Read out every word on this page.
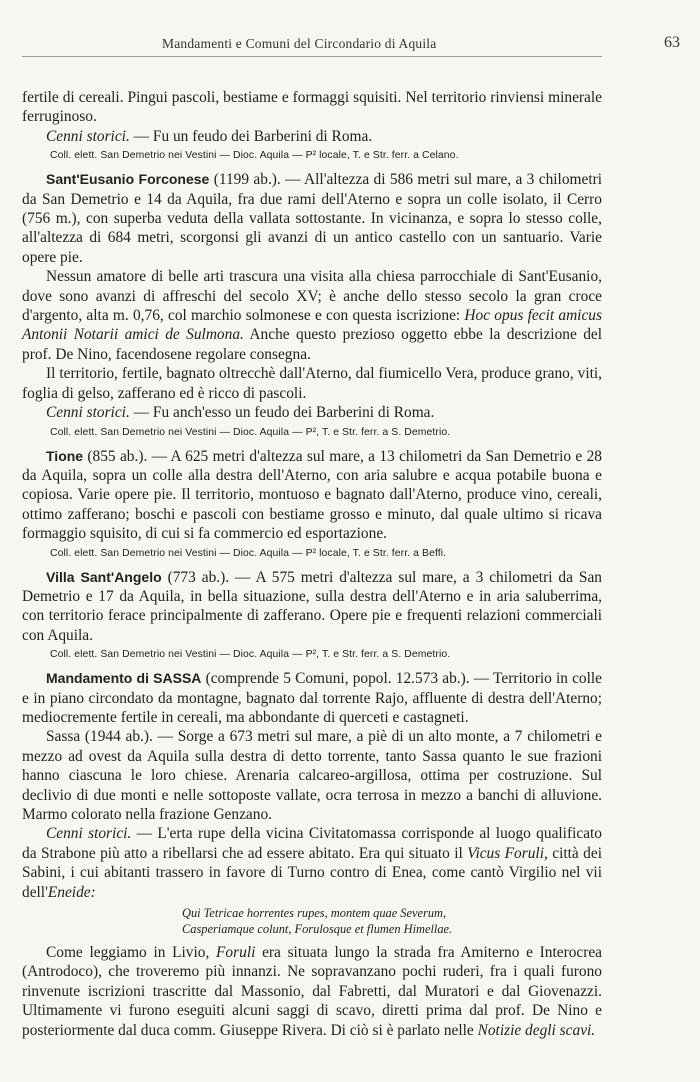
Mandamenti e Comuni del Circondario di Aquila	63

fertile di cereali. Pingui pascoli, bestiame e formaggi squisiti. Nel territorio rinviensi minerale ferruginoso.

Cenni storici. — Fu un feudo dei Barberini di Roma.

Coll. elett. San Demetrio nei Vestini — Dioc. Aquila — P² locale, T. e Str. ferr. a Celano.

Sant'Eusanio Forconese (1199 ab.). — All'altezza di 586 metri sul mare, a 3 chilometri da San Demetrio e 14 da Aquila, fra due rami dell'Aterno e sopra un colle isolato, il Cerro (756 m.), con superba veduta della vallata sottostante. In vicinanza, e sopra lo stesso colle, all'altezza di 684 metri, scorgonsi gli avanzi di un antico castello con un santuario. Varie opere pie.

Nessun amatore di belle arti trascura una visita alla chiesa parrocchiale di Sant'Eusanio, dove sono avanzi di affreschi del secolo XV; è anche dello stesso secolo la gran croce d'argento, alta m. 0,76, col marchio solmonese e con questa iscrizione: Hoc opus fecit amicus Antonii Notarii amici de Sulmona. Anche questo prezioso oggetto ebbe la descrizione del prof. De Nino, facendosene regolare consegna.

Il territorio, fertile, bagnato oltrecchè dall'Aterno, dal fiumicello Vera, produce grano, viti, foglia di gelso, zafferano ed è ricco di pascoli.

Cenni storici. — Fu anch'esso un feudo dei Barberini di Roma.

Coll. elett. San Demetrio nei Vestini — Dioc. Aquila — P², T. e Str. ferr. a S. Demetrio.

Tione (855 ab.). — A 625 metri d'altezza sul mare, a 13 chilometri da San Demetrio e 28 da Aquila, sopra un colle alla destra dell'Aterno, con aria salubre e acqua potabile buona e copiosa. Varie opere pie. Il territorio, montuoso e bagnato dall'Aterno, produce vino, cereali, ottimo zafferano; boschi e pascoli con bestiame grosso e minuto, dal quale ultimo si ricava formaggio squisito, di cui si fa commercio ed esportazione.

Coll. elett. San Demetrio nei Vestini — Dioc. Aquila — P² locale, T. e Str. ferr. a Beffi.

Villa Sant'Angelo (773 ab.). — A 575 metri d'altezza sul mare, a 3 chilometri da San Demetrio e 17 da Aquila, in bella situazione, sulla destra dell'Aterno e in aria saluberrima, con territorio ferace principalmente di zafferano. Opere pie e frequenti relazioni commerciali con Aquila.

Coll. elett. San Demetrio nei Vestini — Dioc. Aquila — P², T. e Str. ferr. a S. Demetrio.

Mandamento di SASSA (comprende 5 Comuni, popol. 12.573 ab.). — Territorio in colle e in piano circondato da montagne, bagnato dal torrente Rajo, affluente di destra dell'Aterno; mediocremente fertile in cereali, ma abbondante di querceti e castagneti.

Sassa (1944 ab.). — Sorge a 673 metri sul mare, a piè di un alto monte, a 7 chilometri e mezzo ad ovest da Aquila sulla destra di detto torrente, tanto Sassa quanto le sue frazioni hanno ciascuna le loro chiese. Arenaria calcareo-argillosa, ottima per costruzione. Sul declivio di due monti e nelle sottoposte vallate, ocra terrosa in mezzo a banchi di alluvione. Marmo colorato nella frazione Genzano.

Cenni storici. — L'erta rupe della vicina Civitatomassa corrisponde al luogo qualificato da Strabone più atto a ribellarsi che ad essere abitato. Era qui situato il Vicus Foruli, città dei Sabini, i cui abitanti trassero in favore di Turno contro di Enea, come cantò Virgilio nel vii dell'Eneide:

Qui Tetricae horrentes rupes, montem quae Severum,
Casperiamque colunt, Forulosque et flumen Himellae.

Come leggiamo in Livio, Foruli era situata lungo la strada fra Amiterno e Interocrea (Antrodoco), che troveremo più innanzi. Ne sopravanzano pochi ruderi, fra i quali furono rinvenute iscrizioni trascritte dal Massonio, dal Fabretti, dal Muratori e dal Giovenazzi. Ultimamente vi furono eseguiti alcuni saggi di scavo, diretti prima dal prof. De Nino e posteriormente dal duca comm. Giuseppe Rivera. Di ciò si è parlato nelle Notizie degli scavi.
